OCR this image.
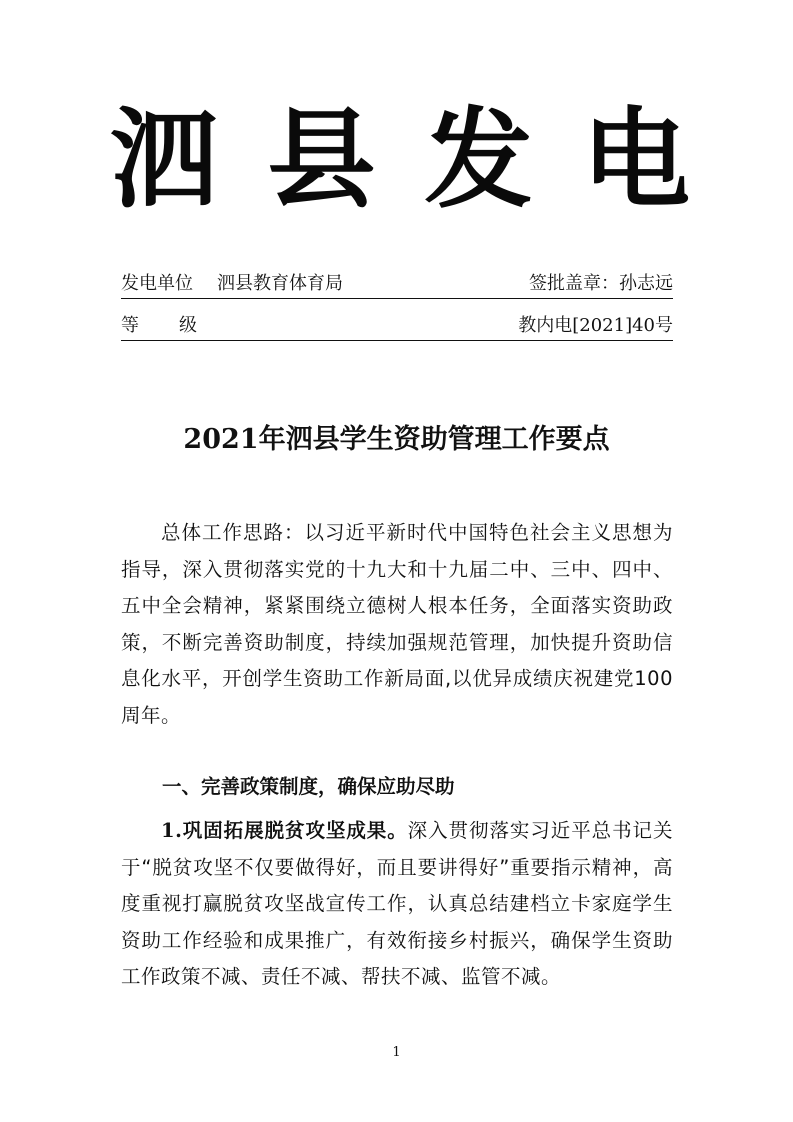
泗 县 发 电
发电单位 泗县教育体育局	签批盖章：孙志远
等级	教内电[2021]40号
2021年泗县学生资助管理工作要点
总体工作思路：以习近平新时代中国特色社会主义思想为指导，深入贯彻落实党的十九大和十九届二中、三中、四中、五中全会精神，紧紧围绕立德树人根本任务，全面落实资助政策，不断完善资助制度，持续加强规范管理，加快提升资助信息化水平，开创学生资助工作新局面,以优异成绩庆祝建党100周年。
一、完善政策制度，确保应助尽助
1.巩固拓展脱贫攻坚成果。深入贯彻落实习近平总书记关于“脱贫攻坚不仅要做得好，而且要讲得好”重要指示精神，高度重视打赢脱贫攻坚战宣传工作，认真总结建档立卡家庭学生资助工作经验和成果推广，有效衔接乡村振兴，确保学生资助工作政策不减、责任不减、帮扶不减、监管不减。
1
